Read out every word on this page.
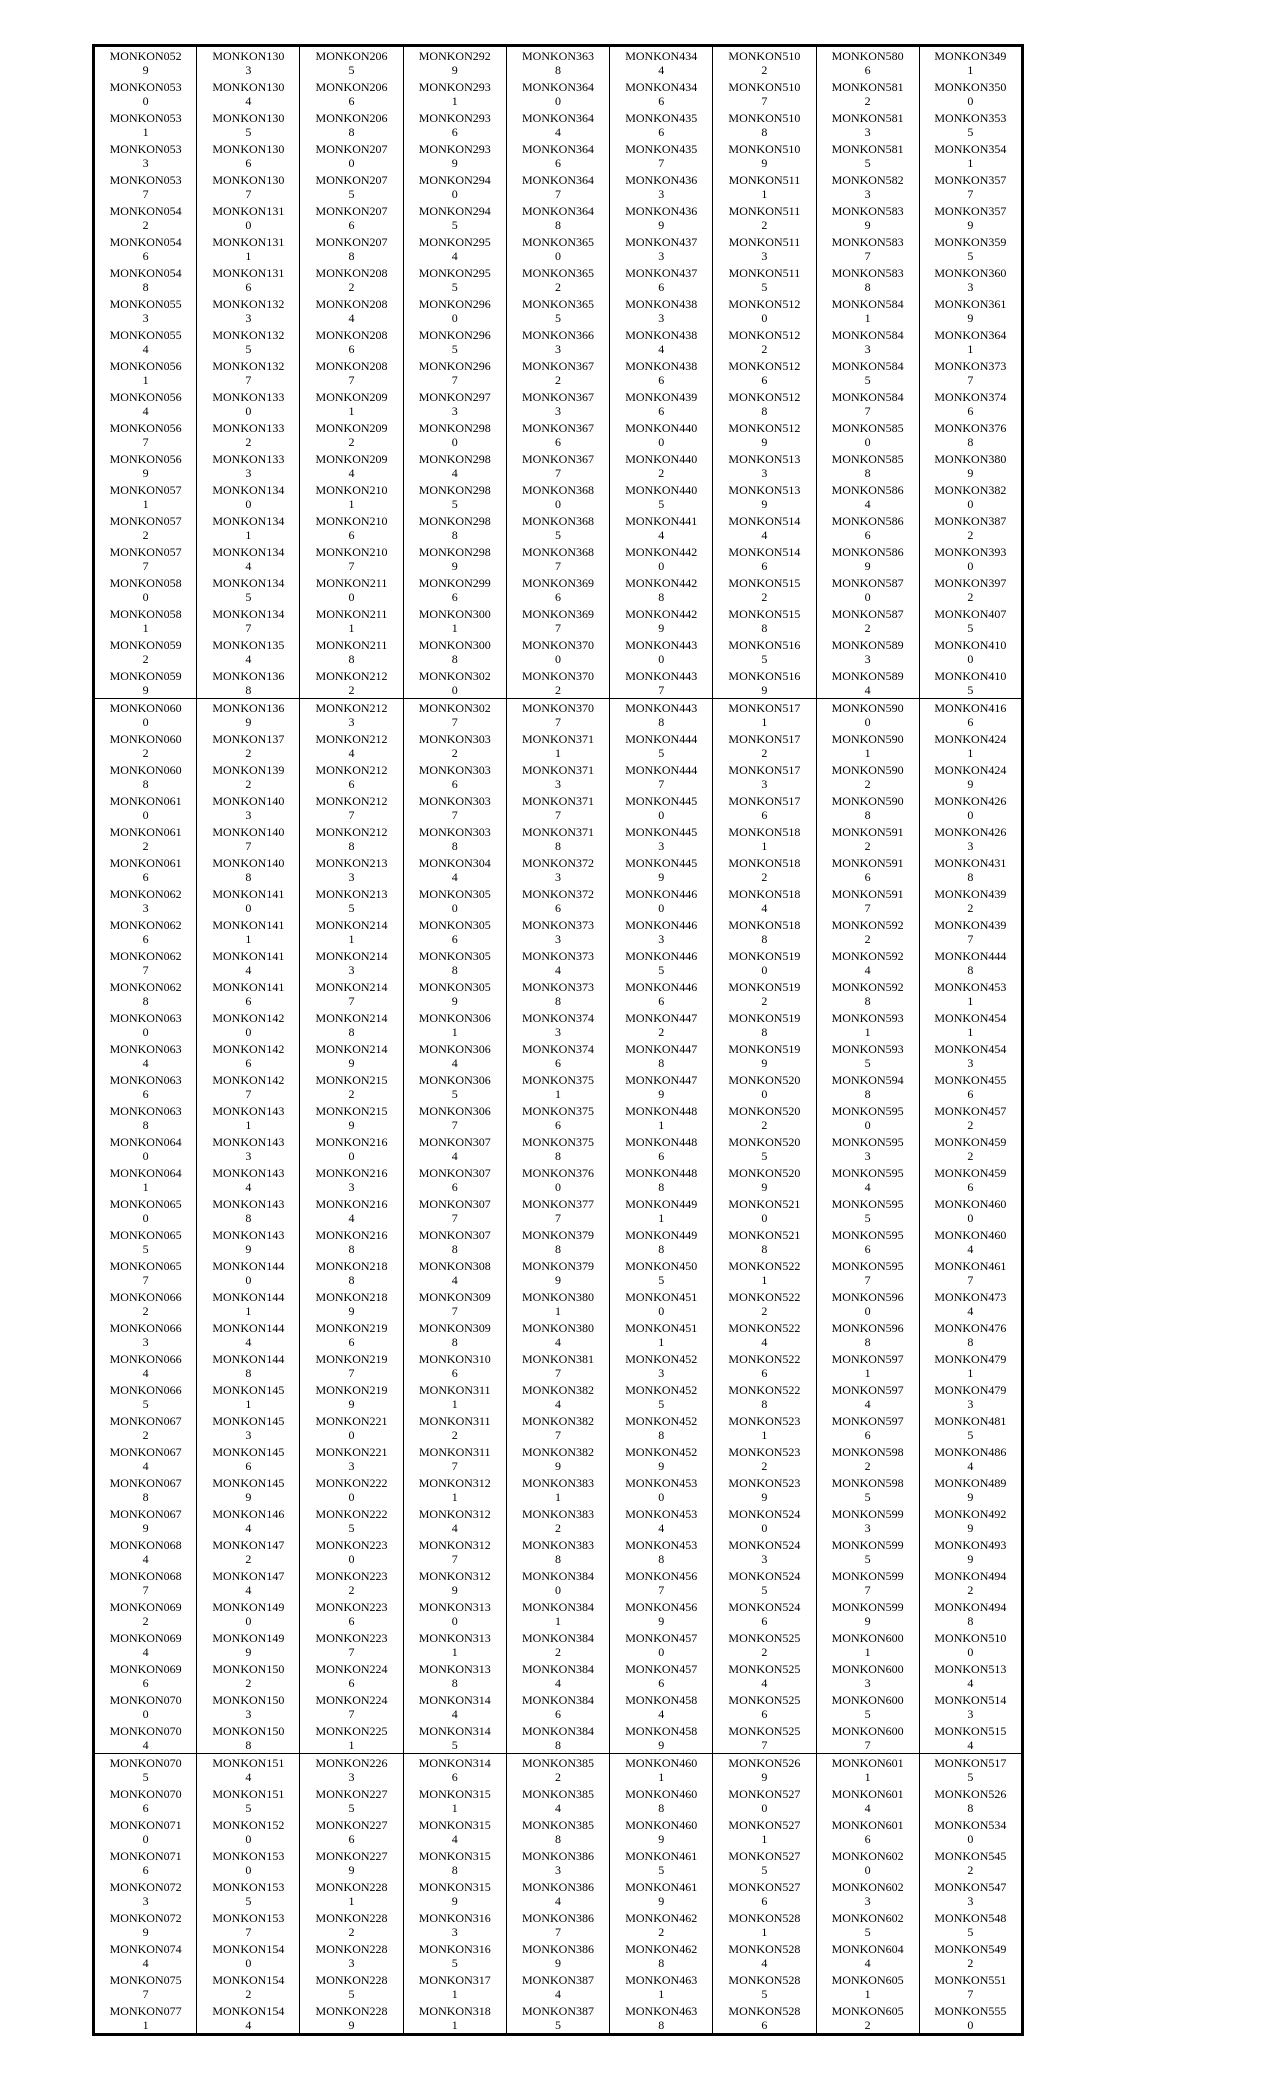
MONKON052
9	MONKON130
3	MONKON206
5	MONKON292
9	MONKON363
8	MONKON434
4	MONKON510
2	MONKON580
6	MONKON349
1

MONKON053
0	MONKON130
4	MONKON206
6	MONKON293
1	MONKON364
0	MONKON434
6	MONKON510
7	MONKON581
2	MONKON350
0

MONKON053
1	MONKON130
5	MONKON206
8	MONKON293
6	MONKON364
4	MONKON435
6	MONKON510
8	MONKON581
3	MONKON353
5

MONKON053
3	MONKON130
6	MONKON207
0	MONKON293
9	MONKON364
6	MONKON435
7	MONKON510
9	MONKON581
5	MONKON354
1

MONKON053
7	MONKON130
7	MONKON207
5	MONKON294
0	MONKON364
7	MONKON436
3	MONKON511
1	MONKON582
3	MONKON357
7

MONKON054
2	MONKON131
0	MONKON207
6	MONKON294
5	MONKON364
8	MONKON436
9	MONKON511
2	MONKON583
9	MONKON357
9

MONKON054
6	MONKON131
1	MONKON207
8	MONKON295
4	MONKON365
0	MONKON437
3	MONKON511
3	MONKON583
7	MONKON359
5

MONKON054
8	MONKON131
6	MONKON208
2	MONKON295
5	MONKON365
2	MONKON437
6	MONKON511
5	MONKON583
8	MONKON360
3

MONKON055
3	MONKON132
3	MONKON208
4	MONKON296
0	MONKON365
5	MONKON438
3	MONKON512
0	MONKON584
1	MONKON361
9

MONKON055
4	MONKON132
5	MONKON208
6	MONKON296
5	MONKON366
3	MONKON438
4	MONKON512
2	MONKON584
3	MONKON364
1

MONKON056
1	MONKON132
7	MONKON208
7	MONKON296
7	MONKON367
2	MONKON438
6	MONKON512
6	MONKON584
5	MONKON373
7

MONKON056
4	MONKON133
0	MONKON209
1	MONKON297
3	MONKON367
3	MONKON439
6	MONKON512
8	MONKON584
7	MONKON374
6

MONKON056
7	MONKON133
2	MONKON209
2	MONKON298
0	MONKON367
6	MONKON440
0	MONKON512
9	MONKON585
0	MONKON376
8

MONKON056
9	MONKON133
3	MONKON209
4	MONKON298
4	MONKON367
7	MONKON440
2	MONKON513
3	MONKON585
8	MONKON380
9

MONKON057
1	MONKON134
0	MONKON210
1	MONKON298
5	MONKON368
0	MONKON440
5	MONKON513
9	MONKON586
4	MONKON382
0

MONKON057
2	MONKON134
1	MONKON210
6	MONKON298
8	MONKON368
5	MONKON441
4	MONKON514
4	MONKON586
6	MONKON387
2

MONKON057
7	MONKON134
4	MONKON210
7	MONKON298
9	MONKON368
7	MONKON442
0	MONKON514
6	MONKON586
9	MONKON393
0

MONKON058
0	MONKON134
5	MONKON211
0	MONKON299
6	MONKON369
6	MONKON442
8	MONKON515
2	MONKON587
0	MONKON397
2

MONKON058
1	MONKON134
7	MONKON211
1	MONKON300
1	MONKON369
7	MONKON442
9	MONKON515
8	MONKON587
2	MONKON407
5

MONKON059
2	MONKON135
4	MONKON211
8	MONKON300
8	MONKON370
0	MONKON443
0	MONKON516
5	MONKON589
3	MONKON410
0

MONKON059
9	MONKON136
8	MONKON212
2	MONKON302
0	MONKON370
2	MONKON443
7	MONKON516
9	MONKON589
4	MONKON410
5

MONKON060
0	MONKON136
9	MONKON212
3	MONKON302
7	MONKON370
7	MONKON443
8	MONKON517
1	MONKON590
0	MONKON416
6

MONKON060
2	MONKON137
2	MONKON212
4	MONKON303
2	MONKON371
1	MONKON444
5	MONKON517
2	MONKON590
1	MONKON424
1

MONKON060
8	MONKON139
2	MONKON212
6	MONKON303
6	MONKON371
3	MONKON444
7	MONKON517
3	MONKON590
2	MONKON424
9

MONKON061
0	MONKON140
3	MONKON212
7	MONKON303
7	MONKON371
7	MONKON445
0	MONKON517
6	MONKON590
8	MONKON426
0

MONKON061
2	MONKON140
7	MONKON212
8	MONKON303
8	MONKON371
8	MONKON445
3	MONKON518
1	MONKON591
2	MONKON426
3

MONKON061
6	MONKON140
8	MONKON213
3	MONKON304
4	MONKON372
3	MONKON445
9	MONKON518
2	MONKON591
6	MONKON431
8

MONKON062
3	MONKON141
0	MONKON213
5	MONKON305
0	MONKON372
6	MONKON446
0	MONKON518
4	MONKON591
7	MONKON439
2

MONKON062
6	MONKON141
1	MONKON214
1	MONKON305
6	MONKON373
3	MONKON446
3	MONKON518
8	MONKON592
2	MONKON439
7

MONKON062
7	MONKON141
4	MONKON214
3	MONKON305
8	MONKON373
4	MONKON446
5	MONKON519
0	MONKON592
4	MONKON444
8

MONKON062
8	MONKON141
6	MONKON214
7	MONKON305
9	MONKON373
8	MONKON446
6	MONKON519
2	MONKON592
8	MONKON453
1

MONKON063
0	MONKON142
0	MONKON214
8	MONKON306
1	MONKON374
3	MONKON447
2	MONKON519
8	MONKON593
1	MONKON454
1

MONKON063
4	MONKON142
6	MONKON214
9	MONKON306
4	MONKON374
6	MONKON447
8	MONKON519
9	MONKON593
5	MONKON454
3

MONKON063
6	MONKON142
7	MONKON215
2	MONKON306
5	MONKON375
1	MONKON447
9	MONKON520
0	MONKON594
8	MONKON455
6

MONKON063
8	MONKON143
1	MONKON215
9	MONKON306
7	MONKON375
6	MONKON448
1	MONKON520
2	MONKON595
0	MONKON457
2

MONKON064
0	MONKON143
3	MONKON216
0	MONKON307
4	MONKON375
8	MONKON448
6	MONKON520
5	MONKON595
3	MONKON459
2

MONKON064
1	MONKON143
4	MONKON216
3	MONKON307
6	MONKON376
0	MONKON448
8	MONKON520
9	MONKON595
4	MONKON459
6

MONKON065
0	MONKON143
8	MONKON216
4	MONKON307
7	MONKON377
7	MONKON449
1	MONKON521
0	MONKON595
5	MONKON460
0

MONKON065
5	MONKON143
9	MONKON216
8	MONKON307
8	MONKON379
8	MONKON449
8	MONKON521
8	MONKON595
6	MONKON460
4

MONKON065
7	MONKON144
0	MONKON218
8	MONKON308
4	MONKON379
9	MONKON450
5	MONKON522
1	MONKON595
7	MONKON461
7

MONKON066
2	MONKON144
1	MONKON218
9	MONKON309
7	MONKON380
1	MONKON451
0	MONKON522
2	MONKON596
0	MONKON473
4

MONKON066
3	MONKON144
4	MONKON219
6	MONKON309
8	MONKON380
4	MONKON451
1	MONKON522
4	MONKON596
8	MONKON476
8

MONKON066
4	MONKON144
8	MONKON219
7	MONKON310
6	MONKON381
7	MONKON452
3	MONKON522
6	MONKON597
1	MONKON479
1

MONKON066
5	MONKON145
1	MONKON219
9	MONKON311
1	MONKON382
4	MONKON452
5	MONKON522
8	MONKON597
4	MONKON479
3

MONKON067
2	MONKON145
3	MONKON221
0	MONKON311
2	MONKON382
7	MONKON452
8	MONKON523
1	MONKON597
6	MONKON481
5

MONKON067
4	MONKON145
6	MONKON221
3	MONKON311
7	MONKON382
9	MONKON452
9	MONKON523
2	MONKON598
2	MONKON486
4

MONKON067
8	MONKON145
9	MONKON222
0	MONKON312
1	MONKON383
1	MONKON453
0	MONKON523
9	MONKON598
5	MONKON489
9

MONKON067
9	MONKON146
4	MONKON222
5	MONKON312
4	MONKON383
2	MONKON453
4	MONKON524
0	MONKON599
3	MONKON492
9

MONKON068
4	MONKON147
2	MONKON223
0	MONKON312
7	MONKON383
8	MONKON453
8	MONKON524
3	MONKON599
5	MONKON493
9

MONKON068
7	MONKON147
4	MONKON223
2	MONKON312
9	MONKON384
0	MONKON456
7	MONKON524
5	MONKON599
7	MONKON494
2

MONKON069
2	MONKON149
0	MONKON223
6	MONKON313
0	MONKON384
1	MONKON456
9	MONKON524
6	MONKON599
9	MONKON494
8

MONKON069
4	MONKON149
9	MONKON223
7	MONKON313
1	MONKON384
2	MONKON457
0	MONKON525
2	MONKON600
1	MONKON510
0

MONKON069
6	MONKON150
2	MONKON224
6	MONKON313
8	MONKON384
4	MONKON457
6	MONKON525
4	MONKON600
3	MONKON513
4

MONKON070
0	MONKON150
3	MONKON224
7	MONKON314
4	MONKON384
6	MONKON458
4	MONKON525
6	MONKON600
5	MONKON514
3

MONKON070
4	MONKON150
8	MONKON225
1	MONKON314
5	MONKON384
8	MONKON458
9	MONKON525
7	MONKON600
7	MONKON515
4

MONKON070
5	MONKON151
4	MONKON226
3	MONKON314
6	MONKON385
2	MONKON460
1	MONKON526
9	MONKON601
1	MONKON517
5

MONKON070
6	MONKON151
5	MONKON227
5	MONKON315
1	MONKON385
4	MONKON460
8	MONKON527
0	MONKON601
4	MONKON526
8

MONKON071
0	MONKON152
0	MONKON227
6	MONKON315
4	MONKON385
8	MONKON460
9	MONKON527
1	MONKON601
6	MONKON534
0

MONKON071
6	MONKON153
0	MONKON227
9	MONKON315
8	MONKON386
3	MONKON461
5	MONKON527
5	MONKON602
0	MONKON545
2

MONKON072
3	MONKON153
5	MONKON228
1	MONKON315
9	MONKON386
4	MONKON461
9	MONKON527
6	MONKON602
3	MONKON547
3

MONKON072
9	MONKON153
7	MONKON228
2	MONKON316
3	MONKON386
7	MONKON462
2	MONKON528
1	MONKON602
5	MONKON548
5

MONKON074
4	MONKON154
0	MONKON228
3	MONKON316
5	MONKON386
9	MONKON462
8	MONKON528
4	MONKON604
4	MONKON549
2

MONKON075
7	MONKON154
2	MONKON228
5	MONKON317
1	MONKON387
4	MONKON463
1	MONKON528
5	MONKON605
1	MONKON551
7

MONKON077
1	MONKON154
4	MONKON228
9	MONKON318
1	MONKON387
5	MONKON463
8	MONKON528
6	MONKON605
2	MONKON555
0
